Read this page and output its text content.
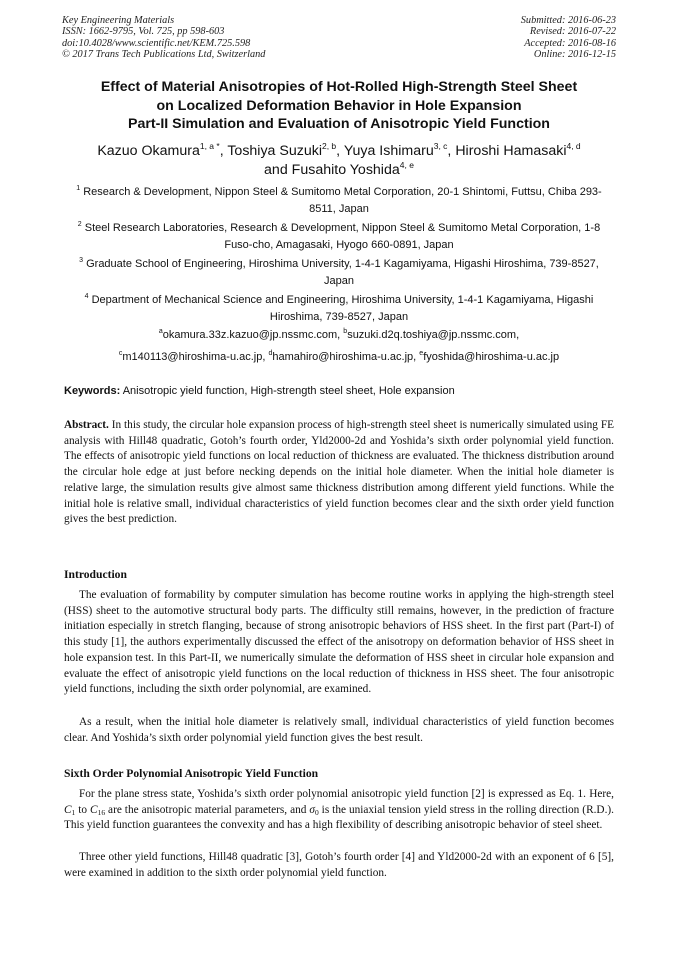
Key Engineering Materials
ISSN: 1662-9795, Vol. 725, pp 598-603
doi:10.4028/www.scientific.net/KEM.725.598
© 2017 Trans Tech Publications Ltd, Switzerland
Submitted: 2016-06-23
Revised: 2016-07-22
Accepted: 2016-08-16
Online: 2016-12-15
Effect of Material Anisotropies of Hot-Rolled High-Strength Steel Sheet
on Localized Deformation Behavior in Hole Expansion
Part-II Simulation and Evaluation of Anisotropic Yield Function
Kazuo Okamura$^{1, a *}$, Toshiya Suzuki$^{2, b}$, Yuya Ishimaru$^{3, c}$, Hiroshi Hamasaki$^{4, d}$
and Fusahito Yoshida$^{4, e}$
$^1$ Research & Development, Nippon Steel & Sumitomo Metal Corporation, 20-1 Shintomi, Futtsu, Chiba 293-8511, Japan
$^2$ Steel Research Laboratories, Research & Development, Nippon Steel & Sumitomo Metal Corporation, 1-8 Fuso-cho, Amagasaki, Hyogo 660-0891, Japan
$^3$ Graduate School of Engineering, Hiroshima University, 1-4-1 Kagamiyama, Higashi Hiroshima, 739-8527, Japan
$^4$ Department of Mechanical Science and Engineering, Hiroshima University, 1-4-1 Kagamiyama, Higashi Hiroshima, 739-8527, Japan
$^a$okamura.33z.kazuo@jp.nssmc.com, $^b$suzuki.d2q.toshiya@jp.nssmc.com,
$^c$m140113@hiroshima-u.ac.jp, $^d$hamahiro@hiroshima-u.ac.jp, $^e$fyoshida@hiroshima-u.ac.jp
Keywords: Anisotropic yield function, High-strength steel sheet, Hole expansion
Abstract. In this study, the circular hole expansion process of high-strength steel sheet is numerically simulated using FE analysis with Hill48 quadratic, Gotoh’s fourth order, Yld2000-2d and Yoshida’s sixth order polynomial yield function. The effects of anisotropic yield functions on local reduction of thickness are evaluated. The thickness distribution around the circular hole edge at just before necking depends on the initial hole diameter. When the initial hole diameter is relative large, the simulation results give almost same thickness distribution among different yield functions. While the initial hole is relative small, individual characteristics of yield function becomes clear and the sixth order yield function gives the best prediction.
Introduction
The evaluation of formability by computer simulation has become routine works in applying the high-strength steel (HSS) sheet to the automotive structural body parts. The difficulty still remains, however, in the prediction of fracture initiation especially in stretch flanging, because of strong anisotropic behaviors of HSS sheet. In the first part (Part-I) of this study [1], the authors experimentally discussed the effect of the anisotropy on deformation behavior of HSS sheet in hole expansion test. In this Part-II, we numerically simulate the deformation of HSS sheet in circular hole expansion and evaluate the effect of anisotropic yield functions on the local reduction of thickness in HSS sheet. The four anisotropic yield functions, including the sixth order polynomial, are examined.
As a result, when the initial hole diameter is relatively small, individual characteristics of yield function becomes clear. And Yoshida’s sixth order polynomial yield function gives the best result.
Sixth Order Polynomial Anisotropic Yield Function
For the plane stress state, Yoshida’s sixth order polynomial anisotropic yield function [2] is expressed as Eq. 1. Here, $C_1$ to $C_{16}$ are the anisotropic material parameters, and $\sigma_0$ is the uniaxial tension yield stress in the rolling direction (R.D.). This yield function guarantees the convexity and has a high flexibility of describing anisotropic behavior of steel sheet.
Three other yield functions, Hill48 quadratic [3], Gotoh’s fourth order [4] and Yld2000-2d with an exponent of 6 [5], were examined in addition to the sixth order polynomial yield function.
